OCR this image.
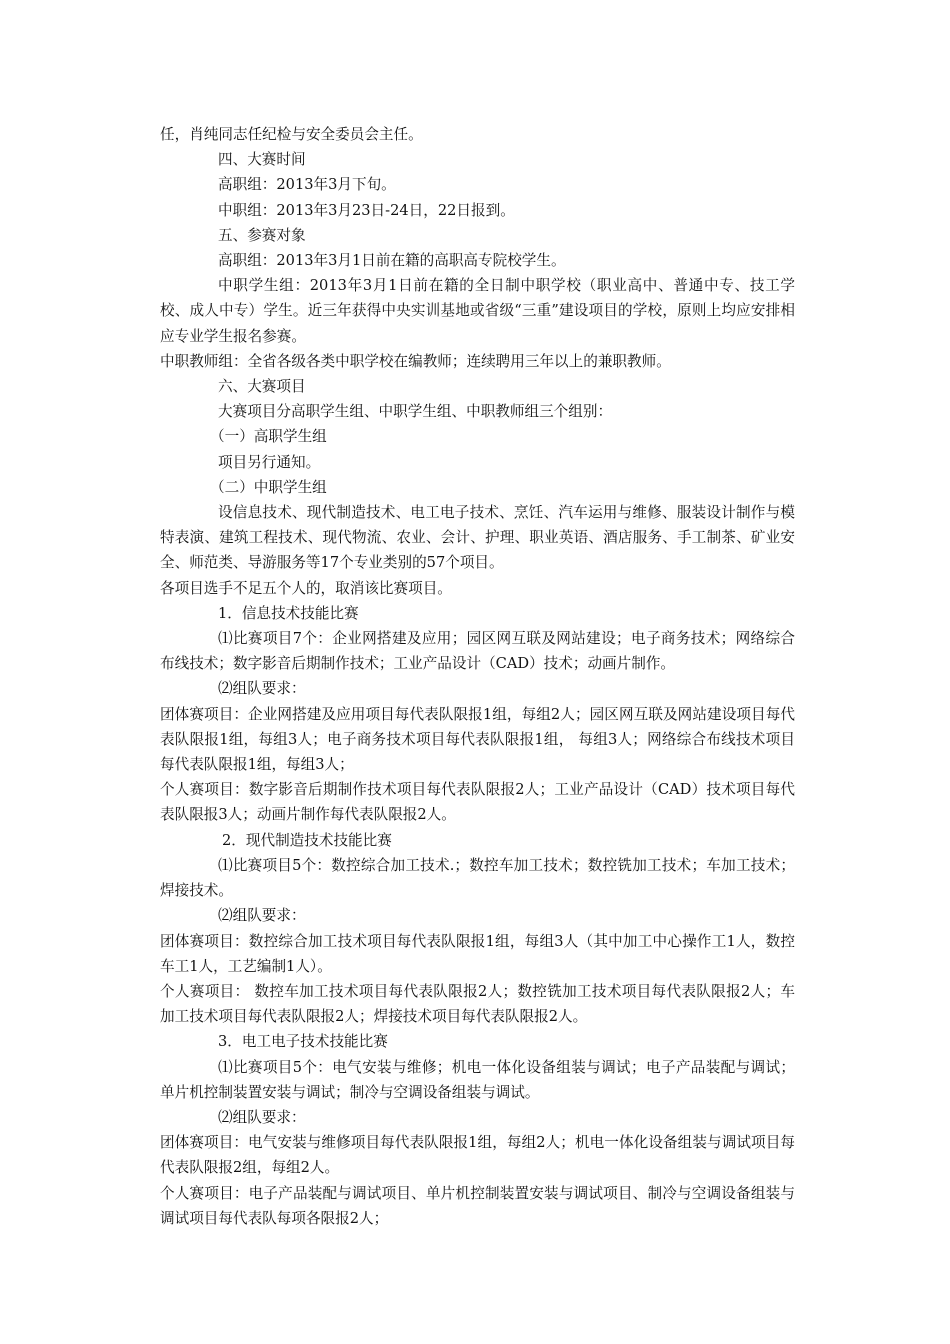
任，肖纯同志任纪检与安全委员会主任。

四、大赛时间

高职组：2013年3月下旬。

中职组：2013年3月23日-24日，22日报到。

五、参赛对象

高职组：2013年3月1日前在籍的高职高专院校学生。

中职学生组：2013年3月1日前在籍的全日制中职学校（职业高中、普通中专、技工学校、成人中专）学生。近三年获得中央实训基地或省级“三重”建设项目的学校，原则上均应安排相应专业学生报名参赛。

中职教师组：全省各级各类中职学校在编教师；连续聘用三年以上的兼职教师。

六、大赛项目

大赛项目分高职学生组、中职学生组、中职教师组三个组别：

（一）高职学生组

项目另行通知。

（二）中职学生组

设信息技术、现代制造技术、电工电子技术、烹饪、汽车运用与维修、服装设计制作与模特表演、建筑工程技术、现代物流、农业、会计、护理、职业英语、酒店服务、手工制茶、矿业安全、师范类、导游服务等17个专业类别的57个项目。

各项目选手不足五个人的，取消该比赛项目。

1．信息技术技能比赛

⑴比赛项目7个：企业网搭建及应用；园区网互联及网站建设；电子商务技术；网络综合布线技术；数字影音后期制作技术；工业产品设计（CAD）技术；动画片制作。

⑵组队要求：

团体赛项目：企业网搭建及应用项目每代表队限报1组，每组2人；园区网互联及网站建设项目每代表队限报1组，每组3人；电子商务技术项目每代表队限报1组， 每组3人；网络综合布线技术项目每代表队限报1组，每组3人；

个人赛项目：数字影音后期制作技术项目每代表队限报2人；工业产品设计（CAD）技术项目每代表队限报3人；动画片制作每代表队限报2人。

2．现代制造技术技能比赛

⑴比赛项目5个：数控综合加工技术.；数控车加工技术；数控铣加工技术；车加工技术；焊接技术。

⑵组队要求：

团体赛项目：数控综合加工技术项目每代表队限报1组，每组3人（其中加工中心操作工1人，数控车工1人，工艺编制1人）。

个人赛项目： 数控车加工技术项目每代表队限报2人；数控铣加工技术项目每代表队限报2人；车加工技术项目每代表队限报2人；焊接技术项目每代表队限报2人。

3．电工电子技术技能比赛

⑴比赛项目5个：电气安装与维修；机电一体化设备组装与调试；电子产品装配与调试；单片机控制装置安装与调试；制冷与空调设备组装与调试。

⑵组队要求：

团体赛项目：电气安装与维修项目每代表队限报1组，每组2人；机电一体化设备组装与调试项目每代表队限报2组，每组2人。

个人赛项目：电子产品装配与调试项目、单片机控制装置安装与调试项目、制冷与空调设备组装与调试项目每代表队每项各限报2人；
